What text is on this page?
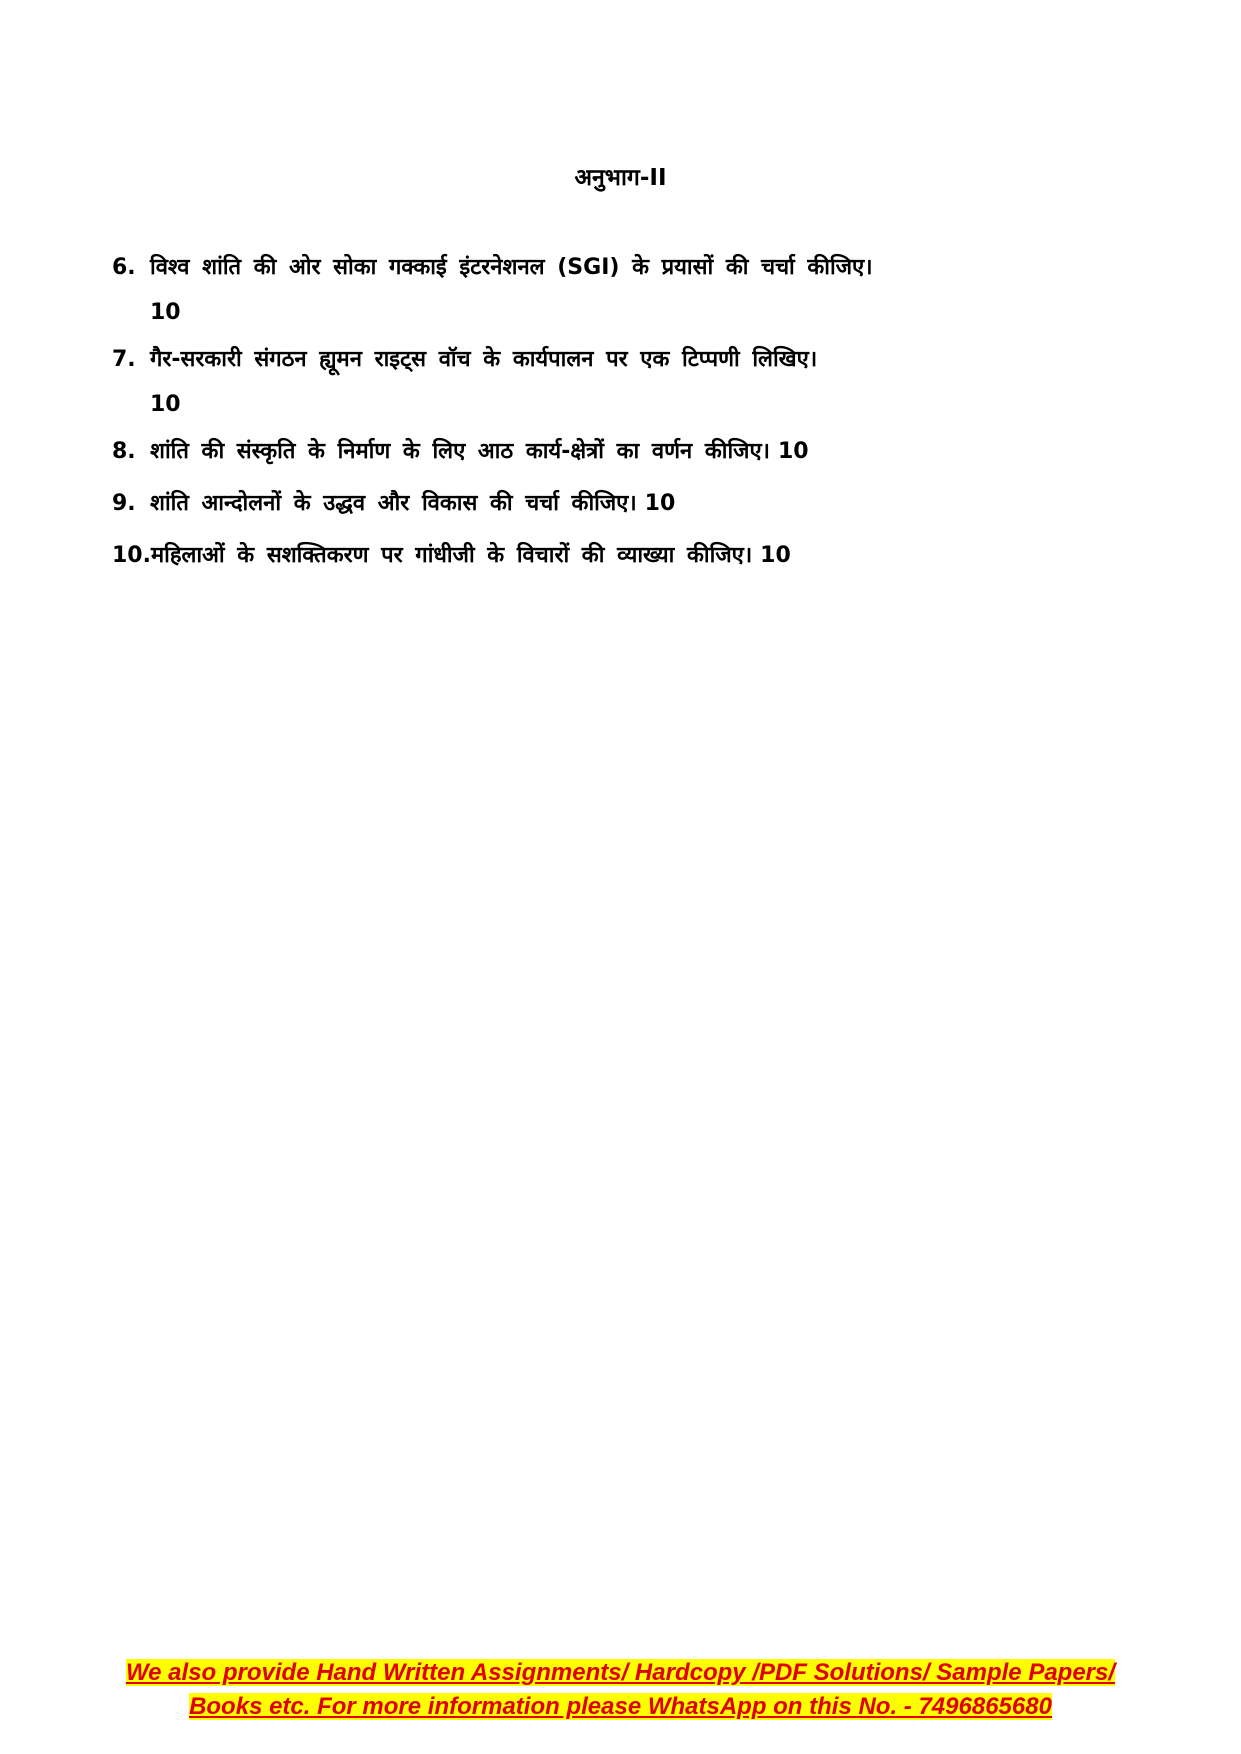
अनुभाग-II
6. विश्व शांति की ओर सोका गक्काई इंटरनेशनल (SGI) के प्रयासों की चर्चा कीजिए।
10
7. गैर-सरकारी संगठन ह्यूमन राइट्स वॉच के कार्यपालन पर एक टिप्पणी लिखिए।
10
8. शांति की संस्कृति के निर्माण के लिए आठ कार्य-क्षेत्रों का वर्णन कीजिए। 10
9. शांति आन्दोलनों के उद्धव और विकास की चर्चा कीजिए। 10
10.महिलाओं के सशक्तिकरण पर गांधीजी के विचारों की व्याख्या कीजिए। 10
We also provide Hand Written Assignments/ Hardcopy /PDF Solutions/ Sample Papers/
Books etc. For more information please WhatsApp on this No. - 7496865680
